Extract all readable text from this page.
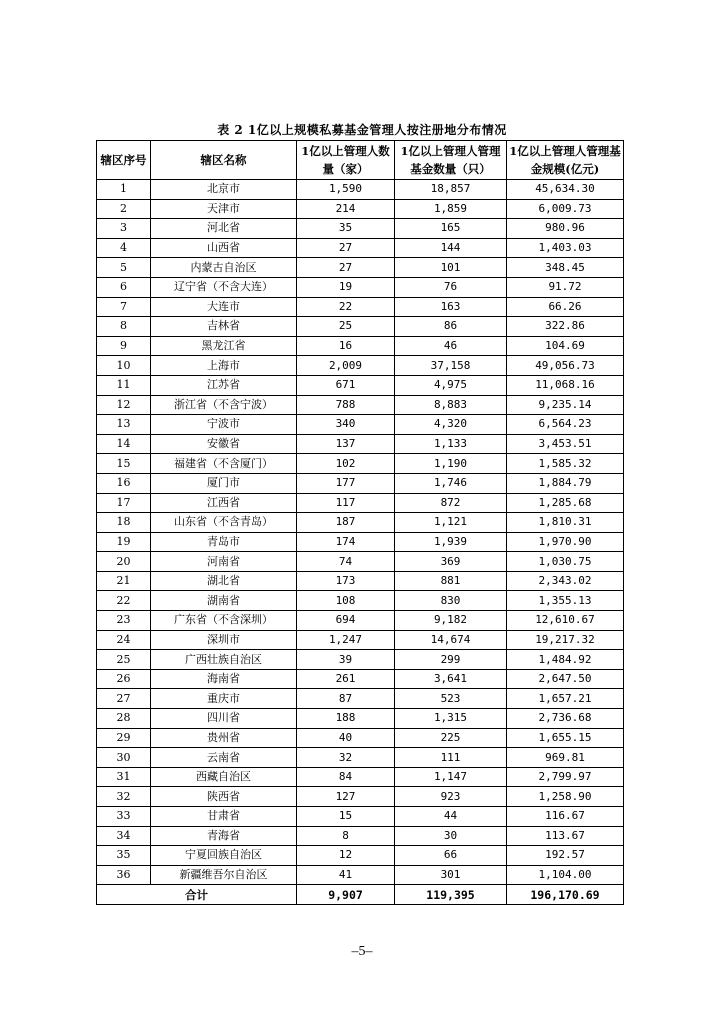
表 2 1亿以上规模私募基金管理人按注册地分布情况
辖区序号	辖区名称	1亿以上管理人数量（家）	1亿以上管理人管理基金数量（只）	1亿以上管理人管理基金规模(亿元)
1	北京市	1,590	18,857	45,634.30
2	天津市	214	1,859	6,009.73
3	河北省	35	165	980.96
4	山西省	27	144	1,403.03
5	内蒙古自治区	27	101	348.45
6	辽宁省（不含大连）	19	76	91.72
7	大连市	22	163	66.26
8	吉林省	25	86	322.86
9	黑龙江省	16	46	104.69
10	上海市	2,009	37,158	49,056.73
11	江苏省	671	4,975	11,068.16
12	浙江省（不含宁波）	788	8,883	9,235.14
13	宁波市	340	4,320	6,564.23
14	安徽省	137	1,133	3,453.51
15	福建省（不含厦门）	102	1,190	1,585.32
16	厦门市	177	1,746	1,884.79
17	江西省	117	872	1,285.68
18	山东省（不含青岛）	187	1,121	1,810.31
19	青岛市	174	1,939	1,970.90
20	河南省	74	369	1,030.75
21	湖北省	173	881	2,343.02
22	湖南省	108	830	1,355.13
23	广东省（不含深圳）	694	9,182	12,610.67
24	深圳市	1,247	14,674	19,217.32
25	广西壮族自治区	39	299	1,484.92
26	海南省	261	3,641	2,647.50
27	重庆市	87	523	1,657.21
28	四川省	188	1,315	2,736.68
29	贵州省	40	225	1,655.15
30	云南省	32	111	969.81
31	西藏自治区	84	1,147	2,799.97
32	陕西省	127	923	1,258.90
33	甘肃省	15	44	116.67
34	青海省	8	30	113.67
35	宁夏回族自治区	12	66	192.57
36	新疆维吾尔自治区	41	301	1,104.00
合计		9,907	119,395	196,170.69
–5–
